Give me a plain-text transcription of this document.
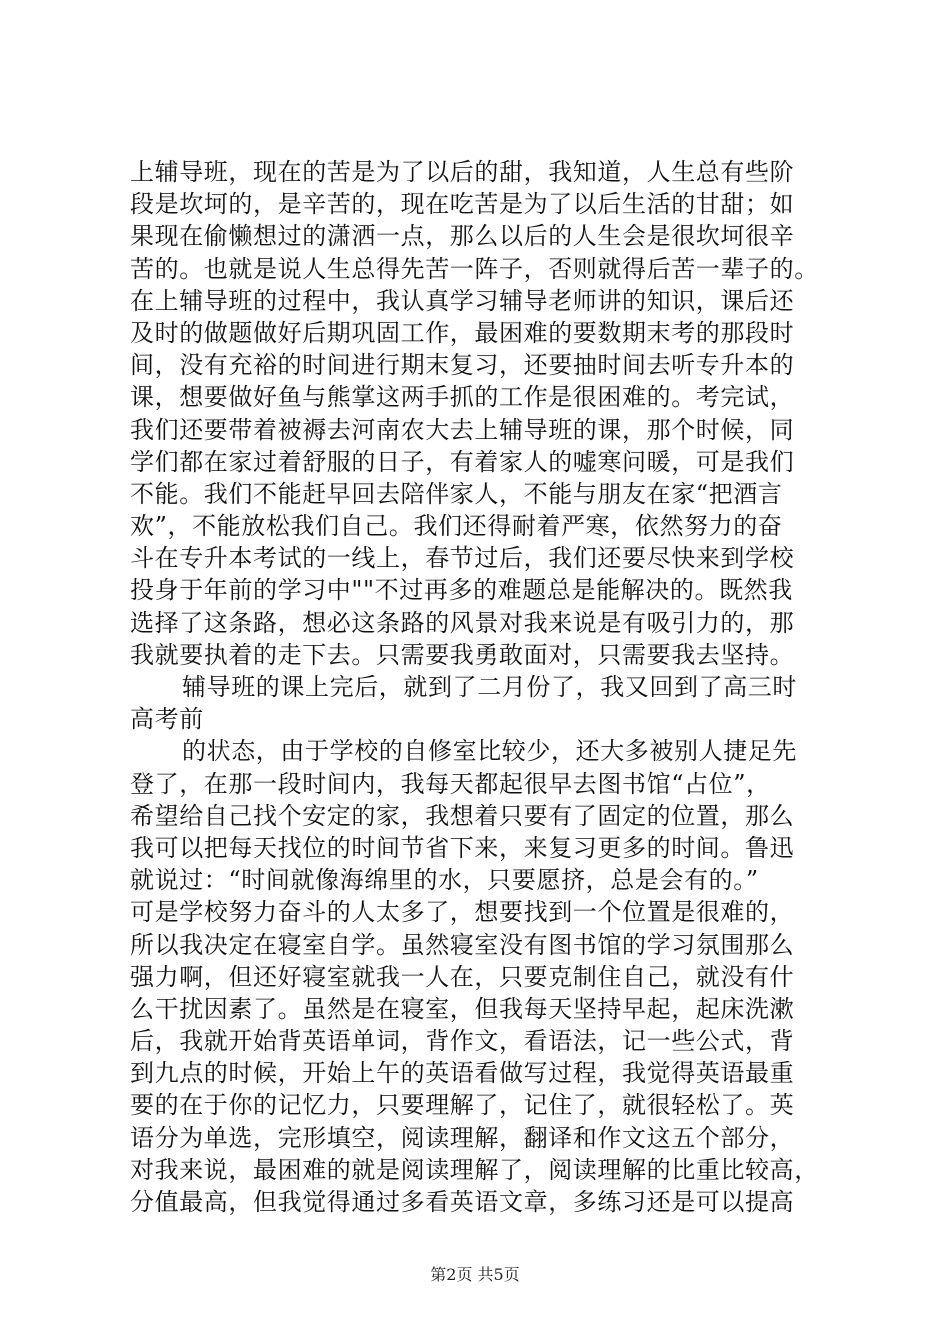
上辅导班，现在的苦是为了以后的甜，我知道，人生总有些阶
段是坎坷的，是辛苦的，现在吃苦是为了以后生活的甘甜；如
果现在偷懒想过的潇洒一点，那么以后的人生会是很坎坷很辛
苦的。也就是说人生总得先苦一阵子，否则就得后苦一辈子的。
在上辅导班的过程中，我认真学习辅导老师讲的知识，课后还
及时的做题做好后期巩固工作，最困难的要数期末考的那段时
间，没有充裕的时间进行期末复习，还要抽时间去听专升本的
课，想要做好鱼与熊掌这两手抓的工作是很困难的。考完试，
我们还要带着被褥去河南农大去上辅导班的课，那个时候，同
学们都在家过着舒服的日子，有着家人的嘘寒问暖，可是我们
不能。我们不能赶早回去陪伴家人，不能与朋友在家“把酒言
欢”，不能放松我们自己。我们还得耐着严寒，依然努力的奋
斗在专升本考试的一线上，春节过后，我们还要尽快来到学校
投身于年前的学习中""不过再多的难题总是能解决的。既然我
选择了这条路，想必这条路的风景对我来说是有吸引力的，那
我就要执着的走下去。只需要我勇敢面对，只需要我去坚持。
辅导班的课上完后，就到了二月份了，我又回到了高三时
高考前
的状态，由于学校的自修室比较少，还大多被别人捷足先
登了，在那一段时间内，我每天都起很早去图书馆“占位”，
希望给自己找个安定的家，我想着只要有了固定的位置，那么
我可以把每天找位的时间节省下来，来复习更多的时间。鲁迅
就说过：“时间就像海绵里的水，只要愿挤，总是会有的。”
可是学校努力奋斗的人太多了，想要找到一个位置是很难的，
所以我决定在寝室自学。虽然寝室没有图书馆的学习氛围那么
强力啊，但还好寝室就我一人在，只要克制住自己，就没有什
么干扰因素了。虽然是在寝室，但我每天坚持早起，起床洗漱
后，我就开始背英语单词，背作文，看语法，记一些公式，背
到九点的时候，开始上午的英语看做写过程，我觉得英语最重
要的在于你的记忆力，只要理解了，记住了，就很轻松了。英
语分为单选，完形填空，阅读理解，翻译和作文这五个部分，
对我来说，最困难的就是阅读理解了，阅读理解的比重比较高，
分值最高，但我觉得通过多看英语文章，多练习还是可以提高
第2页 共5页
